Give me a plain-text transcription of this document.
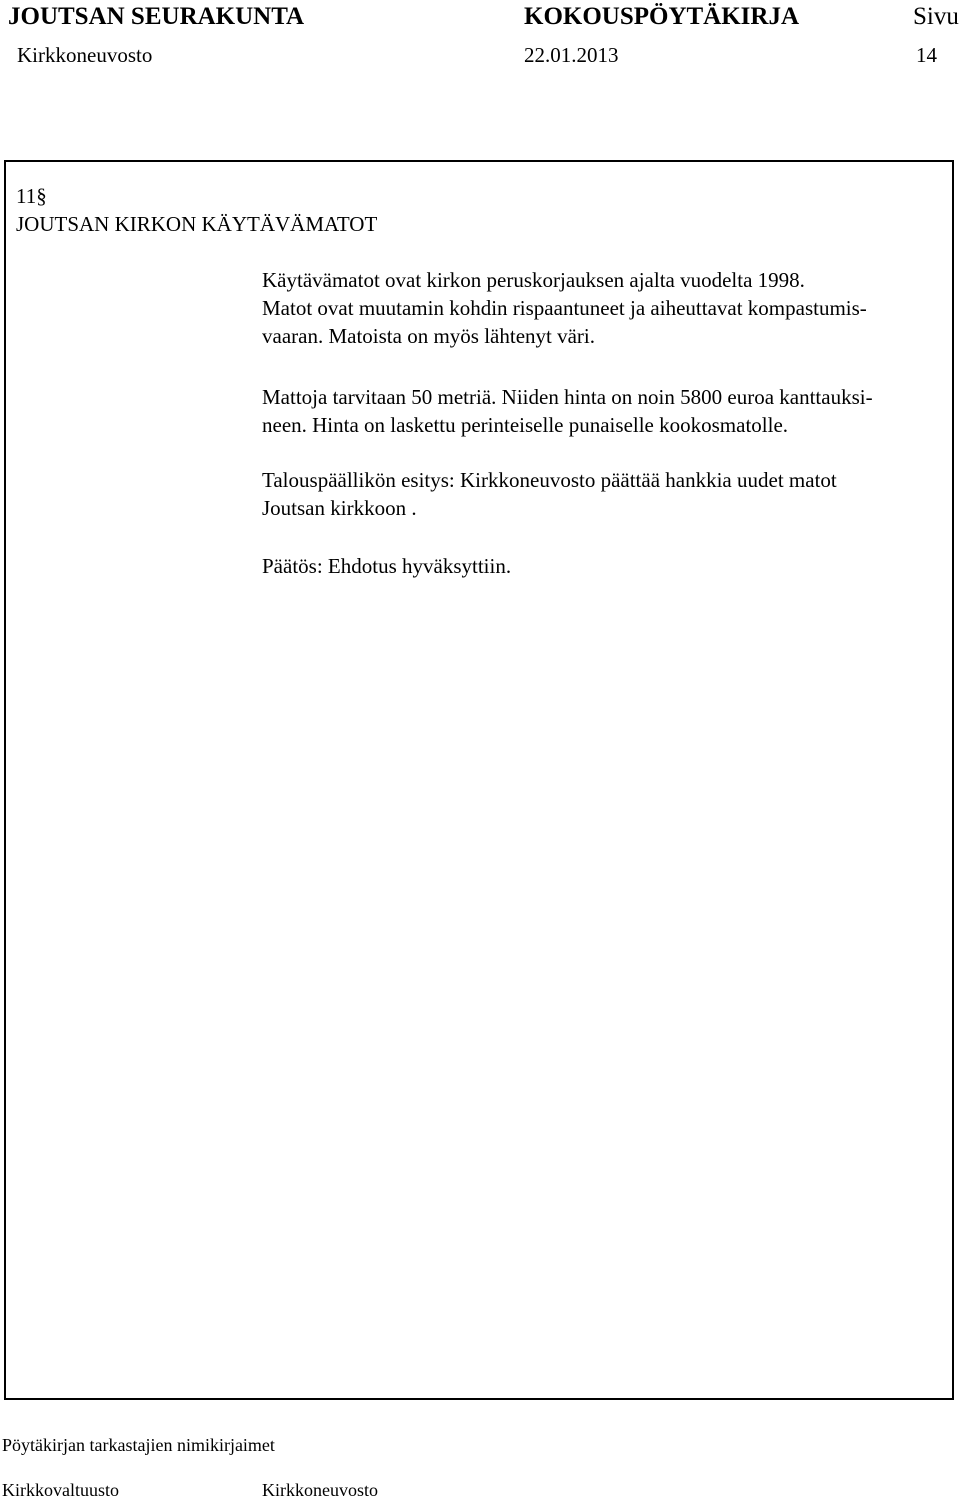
JOUTSAN SEURAKUNTA	KOKOUSPÖYTÄKIRJA	Sivu
Kirkkoneuvosto	22.01.2013	14
11§
JOUTSAN KIRKON KÄYTÄVÄMATOT
Käytävämatot ovat kirkon peruskorjauksen ajalta vuodelta 1998.
Matot ovat muutamin kohdin rispaantuneet ja aiheuttavat kompastumis-
vaaran. Matoista on myös lähtenyt väri.
Mattoja tarvitaan 50 metriä. Niiden hinta on noin 5800 euroa kanttauksi-
neen. Hinta on laskettu perinteiselle punaiselle kookosmatolle.
Talouspäällikön esitys: Kirkkoneuvosto päättää hankkia uudet matot
Joutsan kirkkoon .
Päätös: Ehdotus hyväksyttiin.
Pöytäkirjan tarkastajien nimikirjaimet
Kirkkovaltuusto	Kirkkoneuvosto
